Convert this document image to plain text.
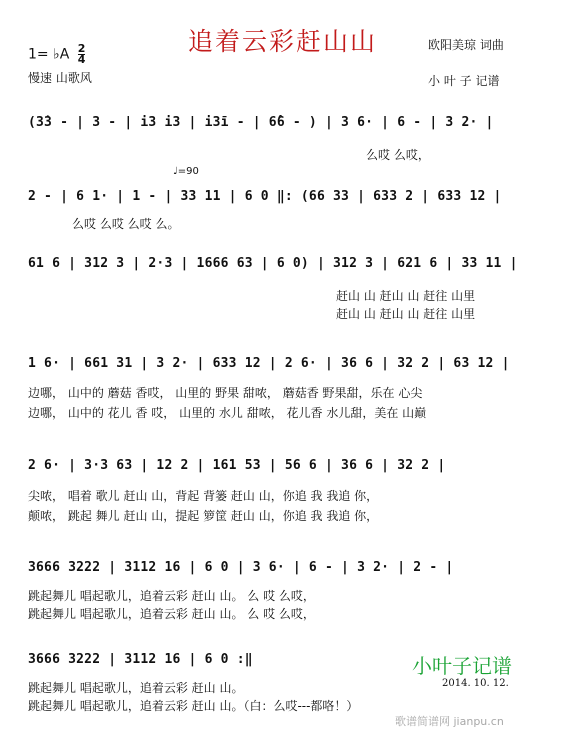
追着云彩赶山山
1= ♭A $\frac{2}{4}$
慢速 山歌风
欧阳美琼 词曲
小 叶 子 记谱
(3̇3 - | 3 - | i3 i3 | i3ī - | 6̂6 - ) | 3 6· | 6 - | 3 2· |
么哎 么哎，
♩=90
2 - | 6 1· | 1 - | 33 11 | 6 0 ‖: (66 33 | 633 2 | 633 12 |
么哎 么哎 么哎 么。
61 6 | 312 3 | 2·3 | 1666 63 | 6 0) | 312 3 | 621 6 | 33 11 |
赶山 山 赶山 山 赶往 山里
赶山 山 赶山 山 赶往 山里
1 6· | 661 31 | 3 2· | 633 12 | 2 6· | 36 6 | 32 2 | 63 12 |
边哪， 山中的 蘑菇 香哎， 山里的 野果 甜哝， 蘑菇香 野果甜，乐在 心尖
边哪， 山中的 花儿 香 哎， 山里的 水儿 甜哝， 花儿香 水儿甜，美在 山巅
2 6· | 3·3 63 | 12 2 | 161 53 | 56 6 | 36 6 | 32 2 |
尖哝， 唱着 歌儿 赶山 山，背起 背篓 赶山 山，你追 我 我追 你，
颠哝， 跳起 舞儿 赶山 山，提起 箩筐 赶山 山，你追 我 我追 你，
3666 3222 | 3112 16 | 6 0 | 3 6· | 6 - | 3 2· | 2 - |
跳起舞儿 唱起歌儿，追着云彩 赶山 山。 么 哎 么哎，
跳起舞儿 唱起歌儿，追着云彩 赶山 山。 么 哎 么哎，
3666 3222 | 3112 16 | 6 0 :‖
跳起舞儿 唱起歌儿，追着云彩 赶山 山。
跳起舞儿 唱起歌儿，追着云彩 赶山 山。（白：么哎---都咯！）
小叶子记谱
2014. 10. 12.
歌谱简谱网 jianpu.cn
